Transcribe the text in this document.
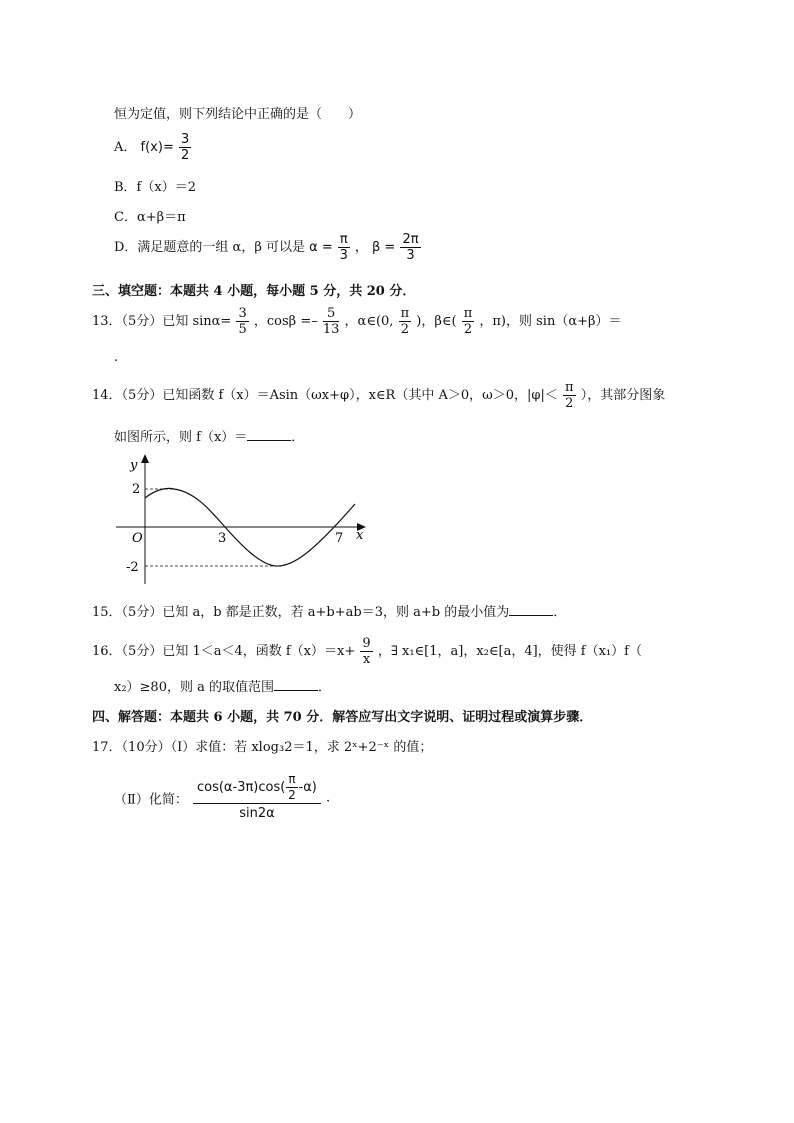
恒为定值，则下列结论中正确的是（　　）
A． $f(x)= \frac{3}{2}$
B．f（x）＝2
C．α+β＝π
D．满足题意的一组 α，β 可以是 $\alpha = \frac{\pi}{3}$ ， $\beta = \frac{2\pi}{3}$
三、填空题：本题共 4 小题，每小题 5 分，共 20 分．
13．（5分）已知 $\sin\alpha= \frac{3}{5}$ ，$\cos\beta =- \frac{5}{13}$ ，α∈(0, $\frac{\pi}{2}$ )，β∈( $\frac{\pi}{2}$ ，π)，则 sin（α+β）＝
.
14．（5分）已知函数 f（x）＝Asin（ωx+φ），x∈R（其中 A＞0，ω＞0，$|\varphi|< \frac{\pi}{2}$ ），其部分图象
如图所示，则 f（x）＝	．
y
x
O
2
-2
3	7
15．（5分）已知 a，b 都是正数，若 a+b+ab＝3，则 a+b 的最小值为	．
16．（5分）已知 1＜a＜4，函数 $f(x)=x+ \frac{9}{x}$ ，∃ x₁∈[1，a]，x₂∈[a，4]，使得 f（x₁）f（
x₂）≥80，则 a 的取值范围	．
四、解答题：本题共 6 小题，共 70 分．解答应写出文字说明、证明过程或演算步骤．
17．（10分）（Ⅰ）求值：若 xlog₃2＝1，求 2ˣ+2⁻ˣ 的值；
（Ⅱ）化简： $\frac{\cos(\alpha-3\pi)\cos( \frac{\pi}{2} -\alpha)}{\sin 2\alpha}$ .
